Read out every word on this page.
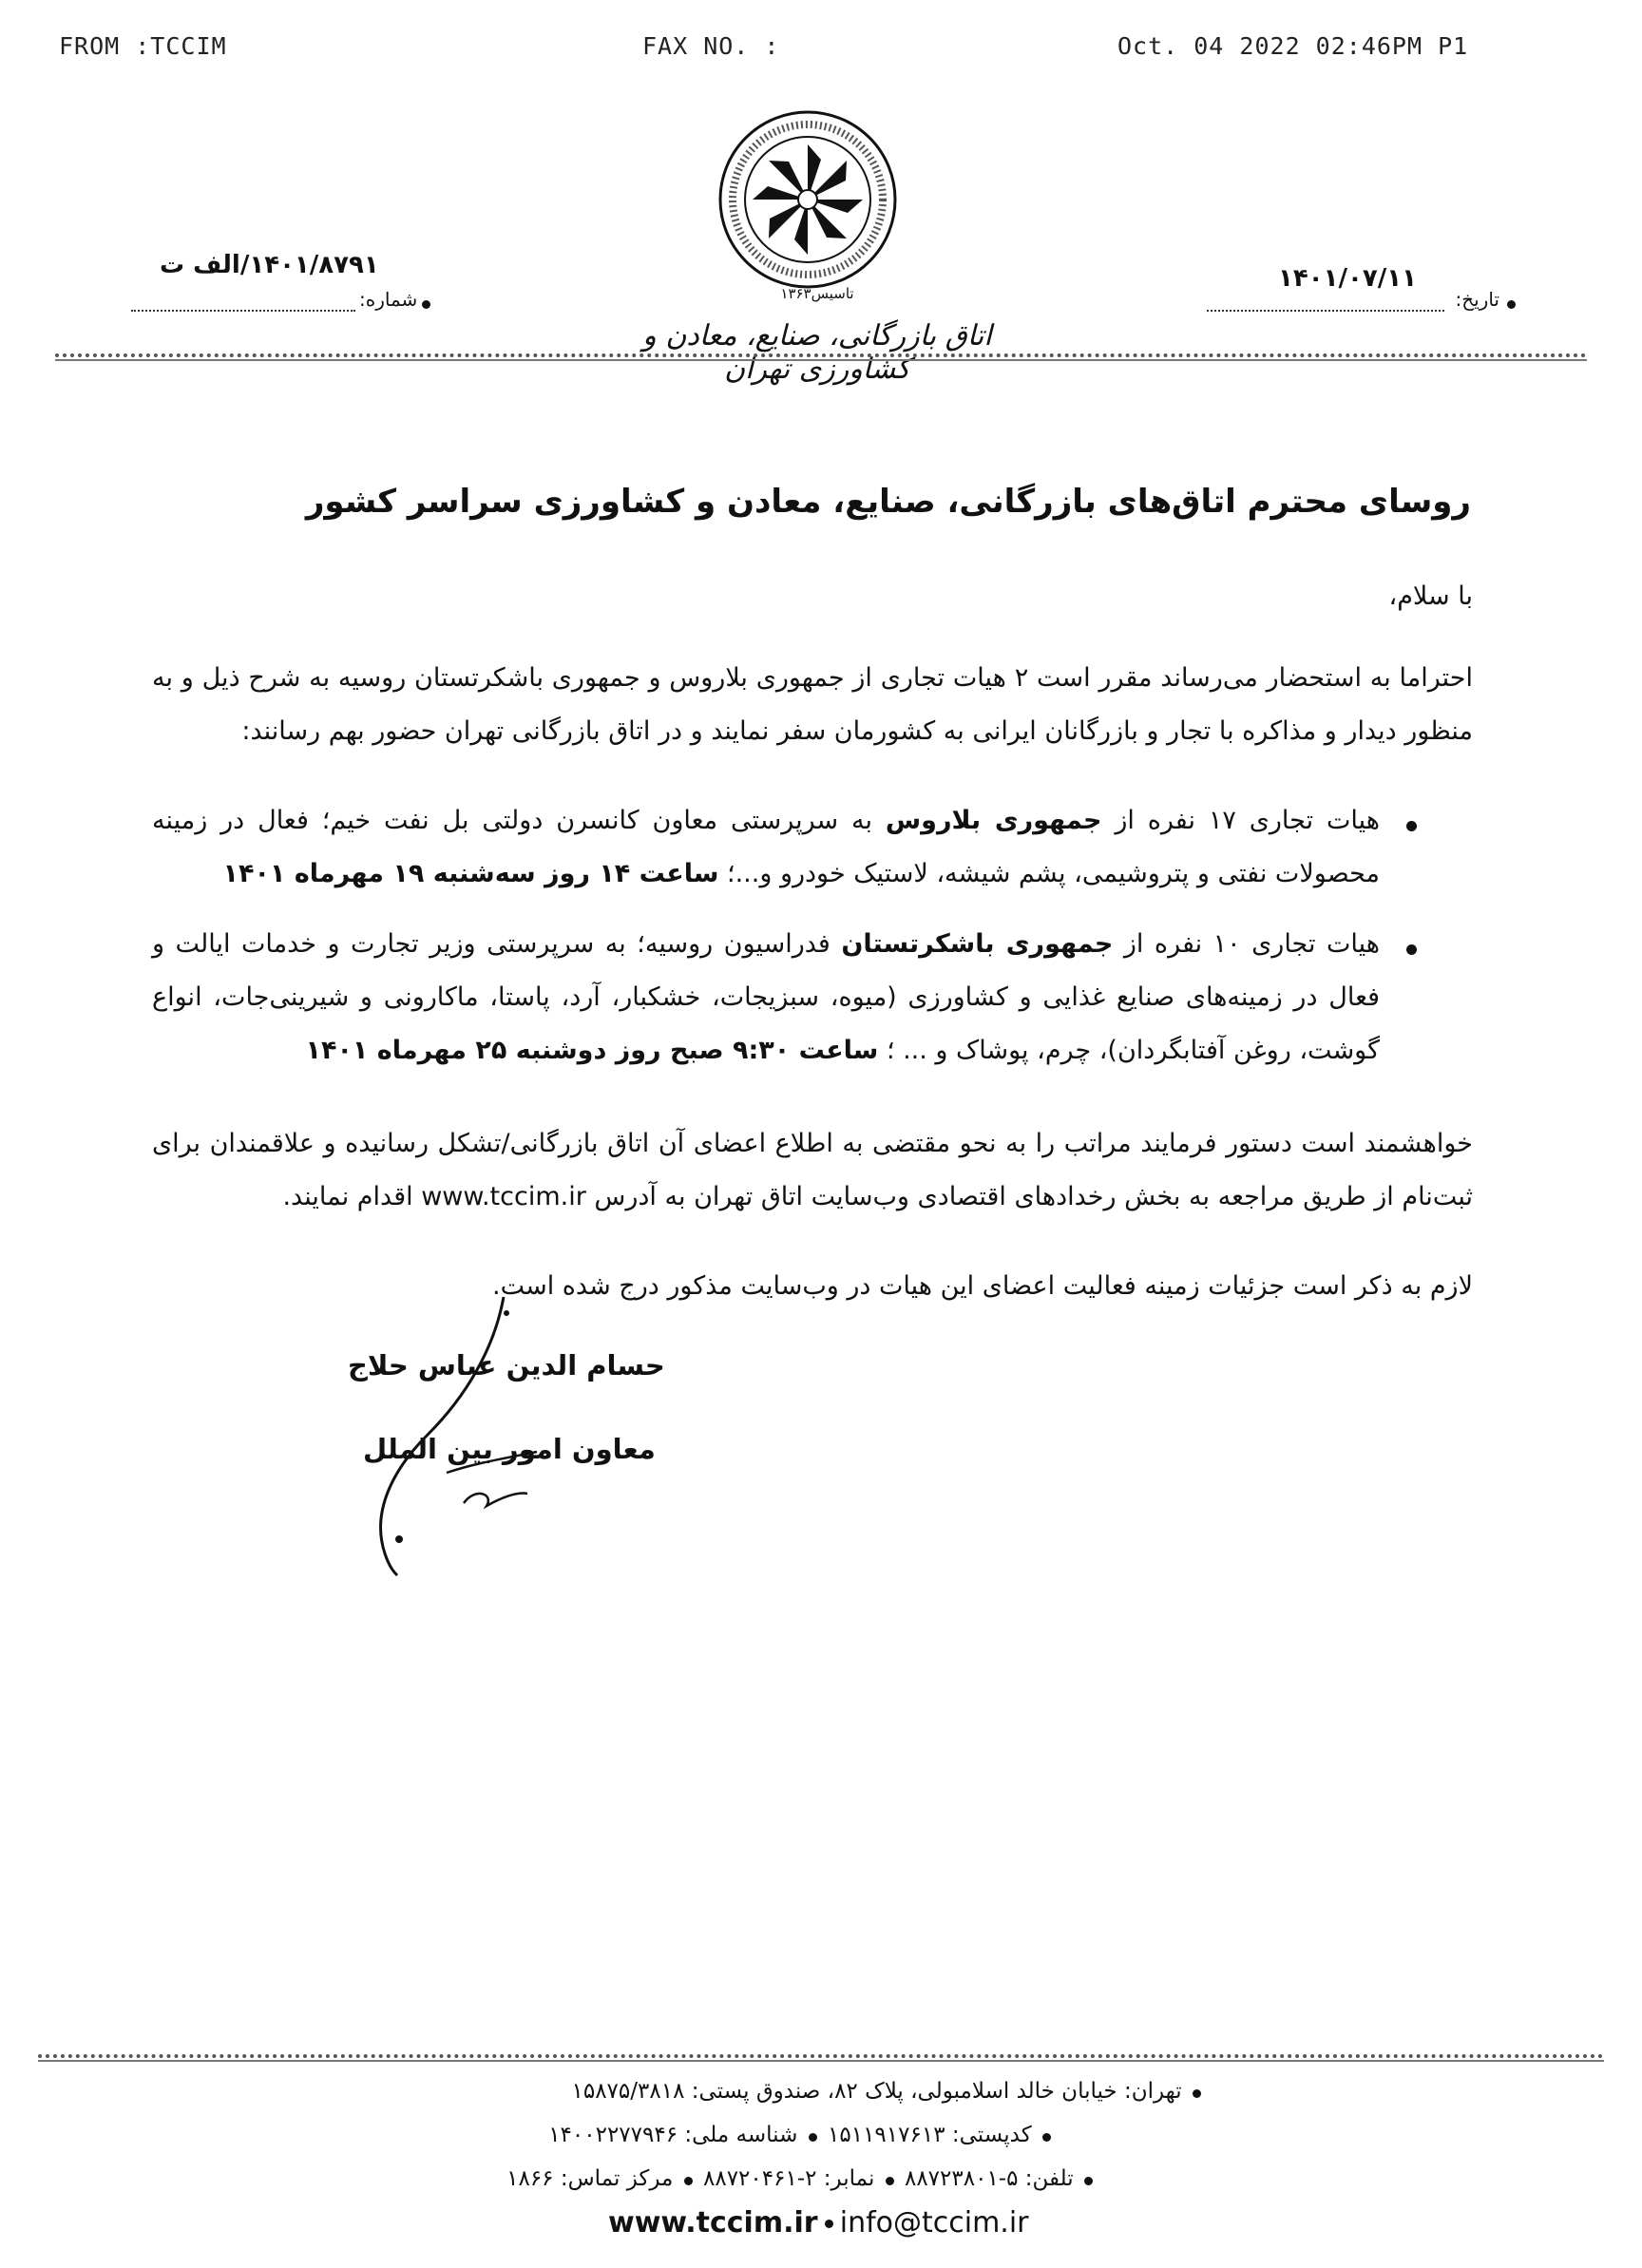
FROM :TCCIM	FAX NO. :	Oct. 04 2022 02:46PM P1
تاسیس۱۳۶۳
اتاق بازرگانی، صنایع، معادن و کشاورزی تهران
تاریخ:
۱۴۰۱/۰۷/۱۱
شماره:
۱۴۰۱/۸۷۹۱/الف ت
روسای محترم اتاق‌های بازرگانی، صنایع، معادن و کشاورزی سراسر کشور
با سلام،
احتراما به استحضار می‌رساند مقرر است ۲ هیات تجاری از جمهوری بلاروس و جمهوری باشکرتستان روسیه به شرح ذیل و به منظور دیدار و مذاکره با تجار و بازرگانان ایرانی به کشورمان سفر نمایند و در اتاق بازرگانی تهران حضور بهم رسانند:
هیات تجاری ۱۷ نفره از جمهوری بلاروس به سرپرستی معاون کانسرن دولتی بل نفت خیم؛ فعال در زمینه محصولات نفتی و پتروشیمی، پشم شیشه، لاستیک خودرو و...؛ ساعت ۱۴ روز سه‌شنبه ۱۹ مهرماه ۱۴۰۱
هیات تجاری ۱۰ نفره از جمهوری باشکرتستان فدراسیون روسیه؛ به سرپرستی وزیر تجارت و خدمات ایالت و فعال در زمینه‌های صنایع غذایی و کشاورزی (میوه، سبزیجات، خشکبار، آرد، پاستا، ماکارونی و شیرینی‌جات، انواع گوشت، روغن آفتابگردان)، چرم، پوشاک و ... ؛ ساعت ۹:۳۰ صبح روز دوشنبه ۲۵ مهرماه ۱۴۰۱
خواهشمند است دستور فرمایند مراتب را به نحو مقتضی به اطلاع اعضای آن اتاق بازرگانی/تشکل رسانیده و علاقمندان برای ثبت‌نام از طریق مراجعه به بخش رخدادهای اقتصادی وب‌سایت اتاق تهران به آدرس www.tccim.ir اقدام نمایند.
لازم به ذکر است جزئیات زمینه فعالیت اعضای این هیات در وب‌سایت مذکور درج شده است.
حسام الدین عباس حلاج
معاون امور بین الملل
تهران: خیابان خالد اسلامبولی، پلاک ۸۲، صندوق پستی: ۱۵۸۷۵/۳۸۱۸
کدپستی: ۱۵۱۱۹۱۷۶۱۳  شناسه ملی: ۱۴۰۰۲۲۷۷۹۴۶
تلفن: ۵-۸۸۷۲۳۸۰۱  نمابر: ۲-۸۸۷۲۰۴۶۱  مرکز تماس: ۱۸۶۶
www.tccim.ir info@tccim.ir
